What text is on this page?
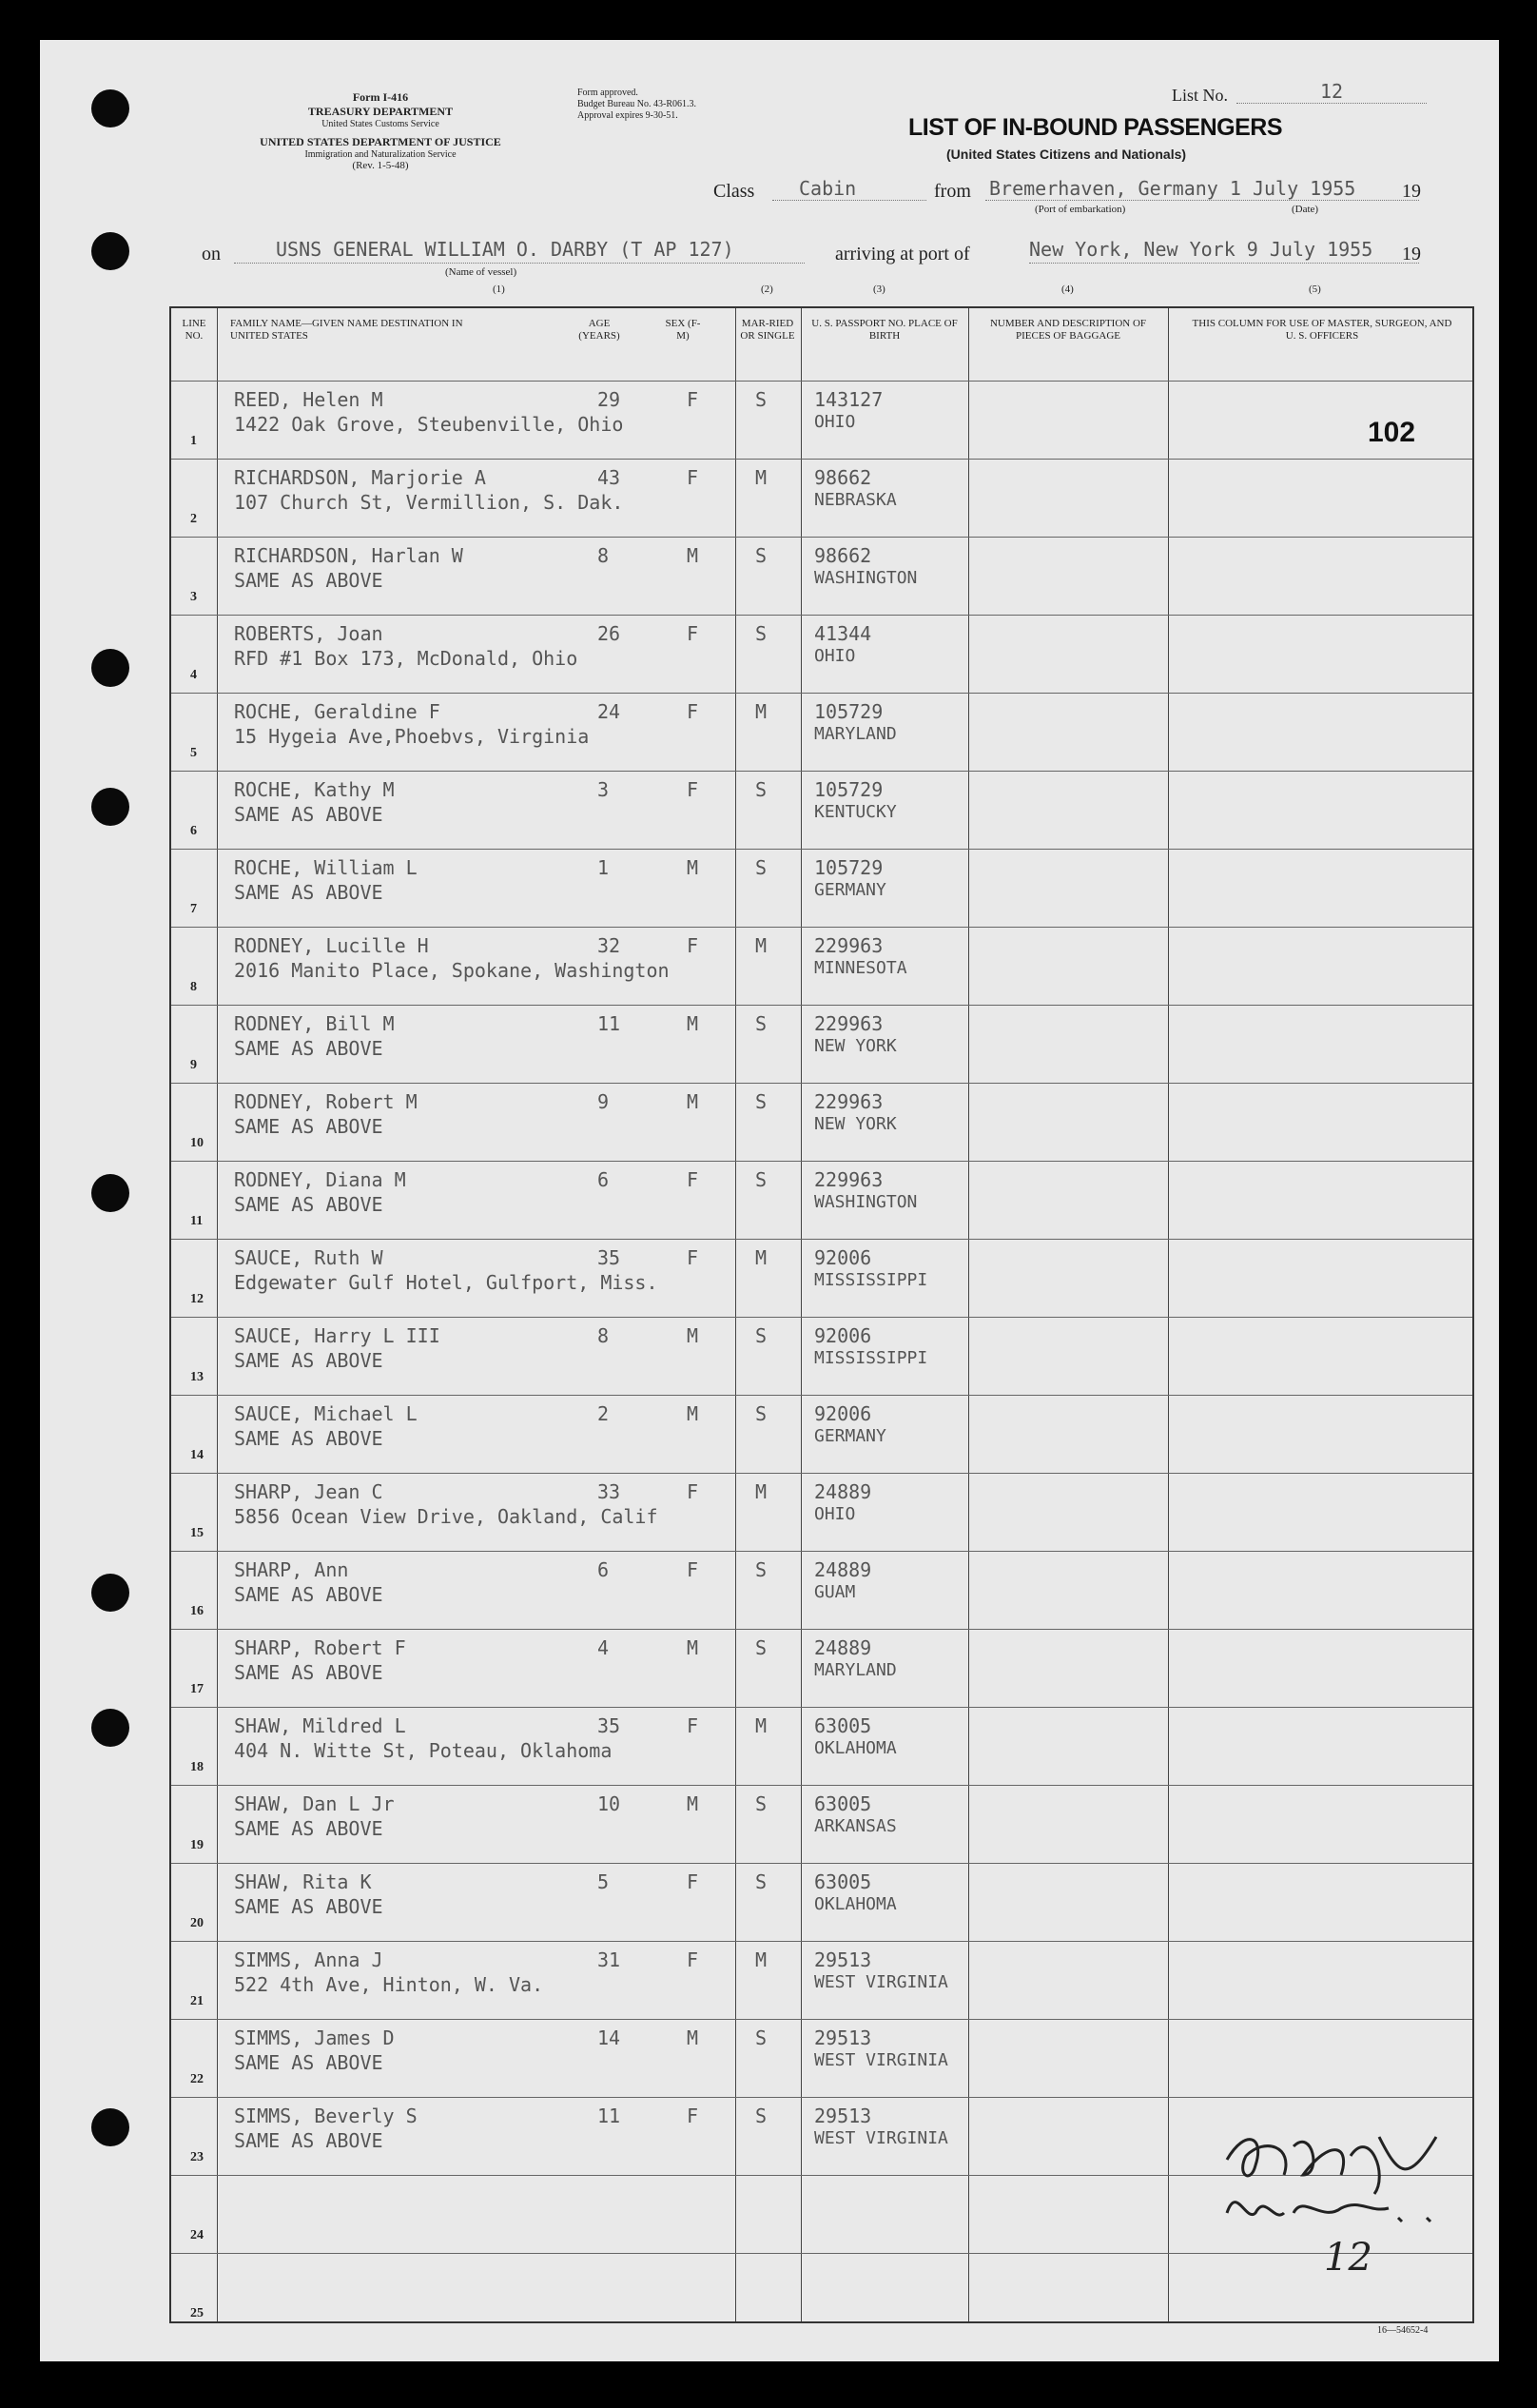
Form I-416
TREASURY DEPARTMENT
United States Customs Service
UNITED STATES DEPARTMENT OF JUSTICE
Immigration and Naturalization Service
(Rev. 1-5-48)
Form approved.
Budget Bureau No. 43-R061.3.
Approval expires 9-30-51.
List No.	12
LIST OF IN-BOUND PASSENGERS
(United States Citizens and Nationals)
Class Cabin	from Bremerhaven, Germany 1 July 1955 19
(Port of embarkation)	(Date)
on	USNS GENERAL WILLIAM O. DARBY (T AP 127)
(Name of vessel)
arriving at port of	New York, New York 9 July 1955 19
(1)	(2)	(3)	(4)	(5)
LINE NO.
FAMILY NAME—GIVEN NAME DESTINATION IN UNITED STATES
AGE (YEARS)
SEX (F-M)
MAR-RIED OR SINGLE
U. S. PASSPORT NO. PLACE OF BIRTH
NUMBER AND DESCRIPTION OF PIECES OF BAGGAGE
THIS COLUMN FOR USE OF MASTER, SURGEON, AND U. S. OFFICERS
1
REED, Helen M
1422 Oak Grove, Steubenville, Ohio
29	F	S 143127
OHIO
2
RICHARDSON, Marjorie A
107 Church St, Vermillion, S. Dak.
43	F	M 98662
NEBRASKA
3
RICHARDSON, Harlan W
SAME AS ABOVE
8	M	S 98662
WASHINGTON
4
ROBERTS, Joan
RFD #1 Box 173, McDonald, Ohio
26	F	S 41344
OHIO
5
ROCHE, Geraldine F
15 Hygeia Ave,Phoebvs, Virginia
24	F	M 105729
MARYLAND
6
ROCHE, Kathy M
SAME AS ABOVE
3	F	S 105729
KENTUCKY
7
ROCHE, William L
SAME AS ABOVE
1	M	S 105729
GERMANY
8
RODNEY, Lucille H
2016 Manito Place, Spokane, Washington
32	F	M 229963
MINNESOTA
9
RODNEY, Bill M
SAME AS ABOVE
11	M	S 229963
NEW YORK
10
RODNEY, Robert M
SAME AS ABOVE
9	M	S 229963
NEW YORK
11
RODNEY, Diana M
SAME AS ABOVE
6	F	S 229963
WASHINGTON
12
SAUCE, Ruth W
Edgewater Gulf Hotel, Gulfport, Miss.
35	F	M 92006
MISSISSIPPI
13
SAUCE, Harry L III
SAME AS ABOVE
8	M	S 92006
MISSISSIPPI
14
SAUCE, Michael L
SAME AS ABOVE
2	M	S 92006
GERMANY
15
SHARP, Jean C
5856 Ocean View Drive, Oakland, Calif
33	F	M 24889
OHIO
16
SHARP, Ann
SAME AS ABOVE
6	F	S 24889
GUAM
17
SHARP, Robert F
SAME AS ABOVE
4	M	S 24889
MARYLAND
18
SHAW, Mildred L
404 N. Witte St, Poteau, Oklahoma
35	F	M 63005
OKLAHOMA
19
SHAW, Dan L Jr
SAME AS ABOVE
10	M	S 63005
ARKANSAS
20
SHAW, Rita K
SAME AS ABOVE
5	F	S 63005
OKLAHOMA
21
SIMMS, Anna J
522 4th Ave, Hinton, W. Va.
31	F	M 29513
WEST VIRGINIA
22
SIMMS, James D
SAME AS ABOVE
14	M	S 29513
WEST VIRGINIA
23
SIMMS, Beverly S
SAME AS ABOVE
11	F	S 29513
WEST VIRGINIA
24
25
102
12
16—54652-4
